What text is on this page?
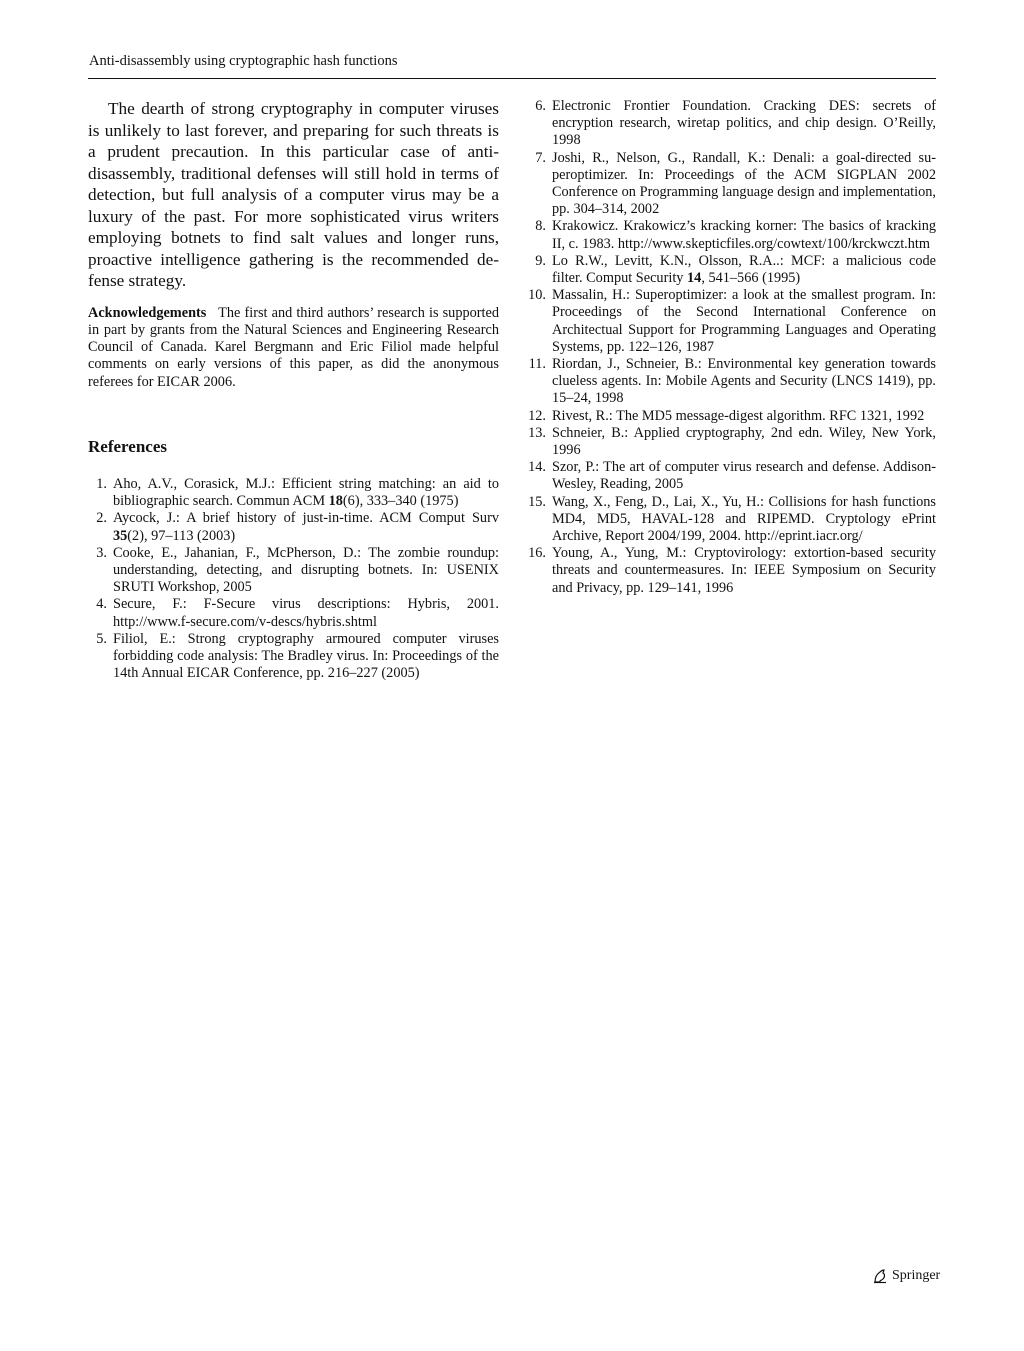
Anti-disassembly using cryptographic hash functions

The dearth of strong cryptography in computer viruses is unlikely to last forever, and preparing for such threats is a prudent precaution. In this particular case of anti-disassembly, traditional defenses will still hold in terms of detection, but full analysis of a computer virus may be a luxury of the past. For more sophisticated virus writers employing botnets to find salt values and longer runs, proactive intelligence gathering is the recommended defense strategy.

Acknowledgements The first and third authors’ research is supported in part by grants from the Natural Sciences and Engineering Research Council of Canada. Karel Bergmann and Eric Filiol made helpful comments on early versions of this paper, as did the anonymous referees for EICAR 2006.

References
1. Aho, A.V., Corasick, M.J.: Efficient string matching: an aid to bibliographic search. Commun ACM 18(6), 333–340 (1975)
2. Aycock, J.: A brief history of just-in-time. ACM Comput Surv 35(2), 97–113 (2003)
3. Cooke, E., Jahanian, F., McPherson, D.: The zombie roundup: understanding, detecting, and disrupting botnets. In: USENIX SRUTI Workshop, 2005
4. Secure, F.: F-Secure virus descriptions: Hybris, 2001. http://www.f-secure.com/v-descs/hybris.shtml
5. Filiol, E.: Strong cryptography armoured computer viruses forbidding code analysis: The Bradley virus. In: Proceedings of the 14th Annual EICAR Conference, pp. 216–227 (2005)
6. Electronic Frontier Foundation. Cracking DES: secrets of encryption research, wiretap politics, and chip design. O’Reilly, 1998
7. Joshi, R., Nelson, G., Randall, K.: Denali: a goal-directed superoptimizer. In: Proceedings of the ACM SIGPLAN 2002 Conference on Programming language design and implementation, pp. 304–314, 2002
8. Krakowicz. Krakowicz’s kracking korner: The basics of kracking II, c. 1983. http://www.skepticfiles.org/cowtext/100/krckwczt.htm
9. Lo R.W., Levitt, K.N., Olsson, R.A..: MCF: a malicious code filter. Comput Security 14, 541–566 (1995)
10. Massalin, H.: Superoptimizer: a look at the smallest program. In: Proceedings of the Second International Conference on Architectual Support for Programming Languages and Operating Systems, pp. 122–126, 1987
11. Riordan, J., Schneier, B.: Environmental key generation towards clueless agents. In: Mobile Agents and Security (LNCS 1419), pp. 15–24, 1998
12. Rivest, R.: The MD5 message-digest algorithm. RFC 1321, 1992
13. Schneier, B.: Applied cryptography, 2nd edn. Wiley, New York, 1996
14. Szor, P.: The art of computer virus research and defense. Addison-Wesley, Reading, 2005
15. Wang, X., Feng, D., Lai, X., Yu, H.: Collisions for hash functions MD4, MD5, HAVAL-128 and RIPEMD. Cryptology ePrint Archive, Report 2004/199, 2004. http://eprint.iacr.org/
16. Young, A., Yung, M.: Cryptovirology: extortion-based security threats and countermeasures. In: IEEE Symposium on Security and Privacy, pp. 129–141, 1996
Springer
